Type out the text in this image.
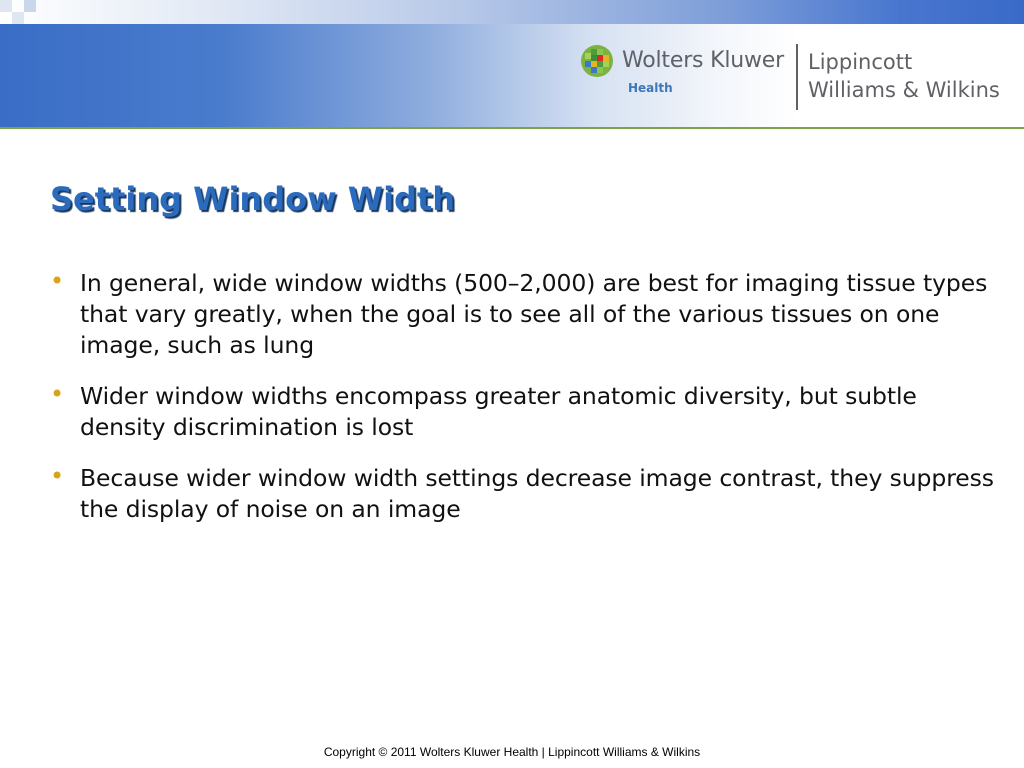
Wolters Kluwer
Health
Lippincott
Williams & Wilkins
Setting Window Width
• In general, wide window widths (500–2,000) are best for imaging tissue types that vary greatly, when the goal is to see all of the various tissues on one image, such as lung
• Wider window widths encompass greater anatomic diversity, but subtle density discrimination is lost
• Because wider window width settings decrease image contrast, they suppress the display of noise on an image
Copyright © 2011 Wolters Kluwer Health | Lippincott Williams & Wilkins
